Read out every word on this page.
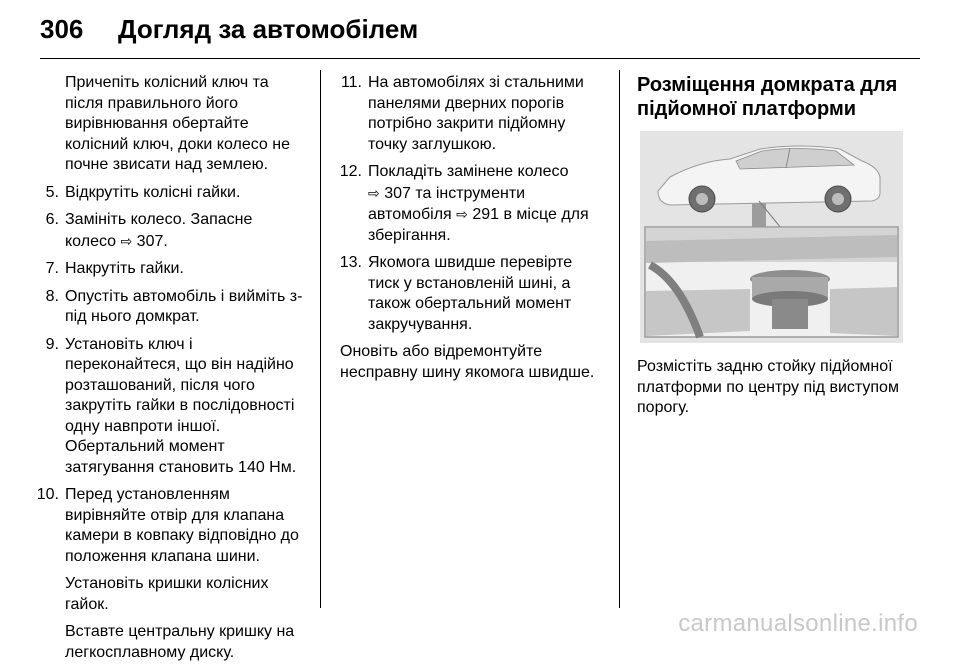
306 Догляд за автомобілем

Причепіть колісний ключ та після правильного його вирівнювання обертайте колісний ключ, доки колесо не почне звисати над землею.

5. Відкрутіть колісні гайки.
6. Замініть колесо. Запасне колесо ⇨ 307.
7. Накрутіть гайки.
8. Опустіть автомобіль і вийміть з-під нього домкрат.
9. Установіть ключ і переконайтеся, що він надійно розташований, після чого закрутіть гайки в послідовності одну навпроти іншої. Обертальний момент затягування становить 140 Нм.
10. Перед установленням вирівняйте отвір для клапана камери в ковпаку відповідно до положення клапана шини.

Установіть кришки колісних гайок.

Вставте центральну кришку на легкосплавному диску.

11. На автомобілях зі стальними панелями дверних порогів потрібно закрити підйомну точку заглушкою.
12. Покладіть замінене колесо
⇨ 307 та інструменти автомобіля ⇨ 291 в місце для зберігання.
13. Якомога швидше перевірте тиск у встановленій шині, а також обертальний момент закручування.

Оновіть або відремонтуйте несправну шину якомога швидше.

Розміщення домкрата для підйомної платформи

Розмістіть задню стойку підйомної платформи по центру під виступом порогу.

carmanualsonline.info
